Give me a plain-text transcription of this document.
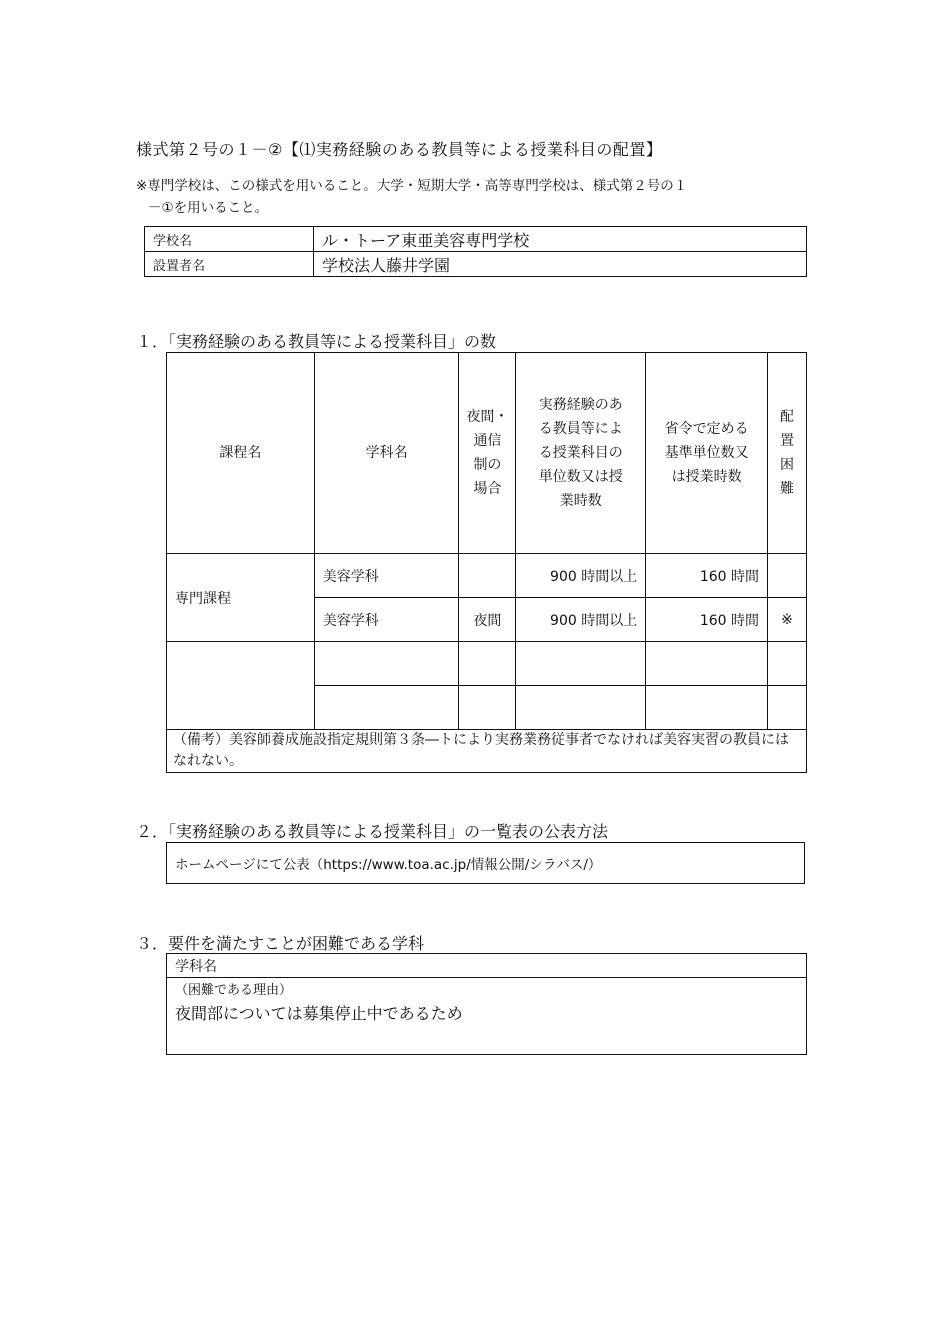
様式第２号の１－②【⑴実務経験のある教員等による授業科目の配置】
※専門学校は、この様式を用いること。大学・短期大学・高等専門学校は、様式第２号の１
－①を用いること。
学校名	ル・トーア東亜美容専門学校
設置者名	学校法人藤井学園
１．「実務経験のある教員等による授業科目」の数
課程名	学科名	夜間・
通信
制の
場合	実務経験のあ
る教員等によ
る授業科目の
単位数又は授
業時数	省令で定める
基準単位数又
は授業時数	配
置
困
難
専門課程	美容学科		900 時間以上	160 時間	
	美容学科	夜間	900 時間以上	160 時間	※

（備考）美容師養成施設指定規則第３条―トにより実務業務従事者でなければ美容実習の教員にはなれない。					
２．「実務経験のある教員等による授業科目」の一覧表の公表方法
ホームページにて公表（https://www.toa.ac.jp/情報公開/シラバス/）
３．要件を満たすことが困難である学科
学科名

（困難である理由）
夜間部については募集停止中であるため
